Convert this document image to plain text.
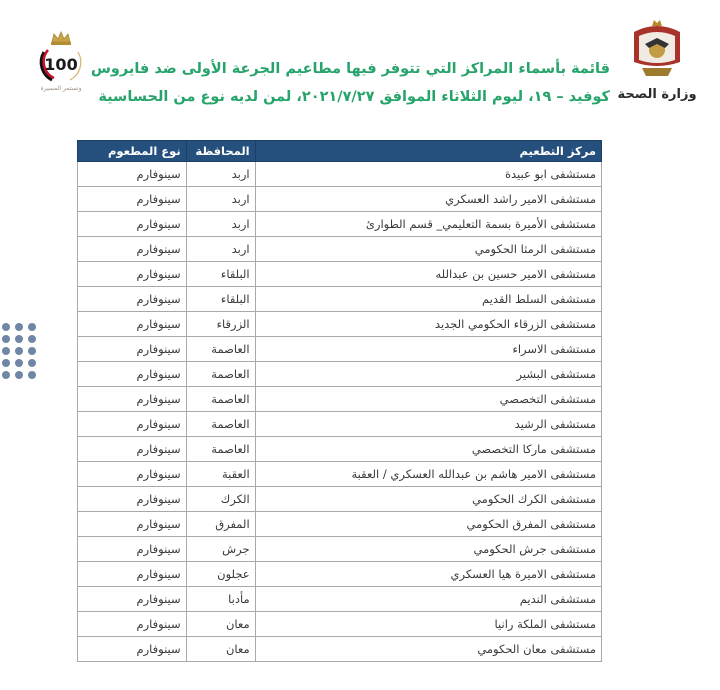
100
وتستمر المسيرة	وزارة الصحة
قائمة بأسماء المراكز التي تتوفر فيها مطاعيم الجرعة الأولى ضد فايروس
كوفيد – ١٩، ليوم الثلاثاء الموافق ٢٠٢١/٧/٢٧، لمن لديه نوع من الحساسية
مركز التطعيم	المحافظة	نوع المطعوم
مستشفى ابو عبيدة	اربد	سينوفارم
مستشفى الامير راشد العسكري	اربد	سينوفارم
مستشفى الأميرة بسمة التعليمي_ قسم الطوارئ	اربد	سينوفارم
مستشفى الرمثا الحكومي	اربد	سينوفارم
مستشفى الامير حسين بن عبدالله	البلقاء	سينوفارم
مستشفى السلط القديم	البلقاء	سينوفارم
مستشفى الزرقاء الحكومي الجديد	الزرقاء	سينوفارم
مستشفى الاسراء	العاصمة	سينوفارم
مستشفى البشير	العاصمة	سينوفارم
مستشفى التخصصي	العاصمة	سينوفارم
مستشفى الرشيد	العاصمة	سينوفارم
مستشفى ماركا التخصصي	العاصمة	سينوفارم
مستشفى الامير هاشم بن عبدالله العسكري / العقبة	العقبة	سينوفارم
مستشفى الكرك الحكومي	الكرك	سينوفارم
مستشفى المفرق الحكومي	المفرق	سينوفارم
مستشفى جرش الحكومي	جرش	سينوفارم
مستشفى الاميرة هيا العسكري	عجلون	سينوفارم
مستشفى النديم	مأدبا	سينوفارم
مستشفى الملكة رانيا	معان	سينوفارم
مستشفى معان الحكومي	معان	سينوفارم
